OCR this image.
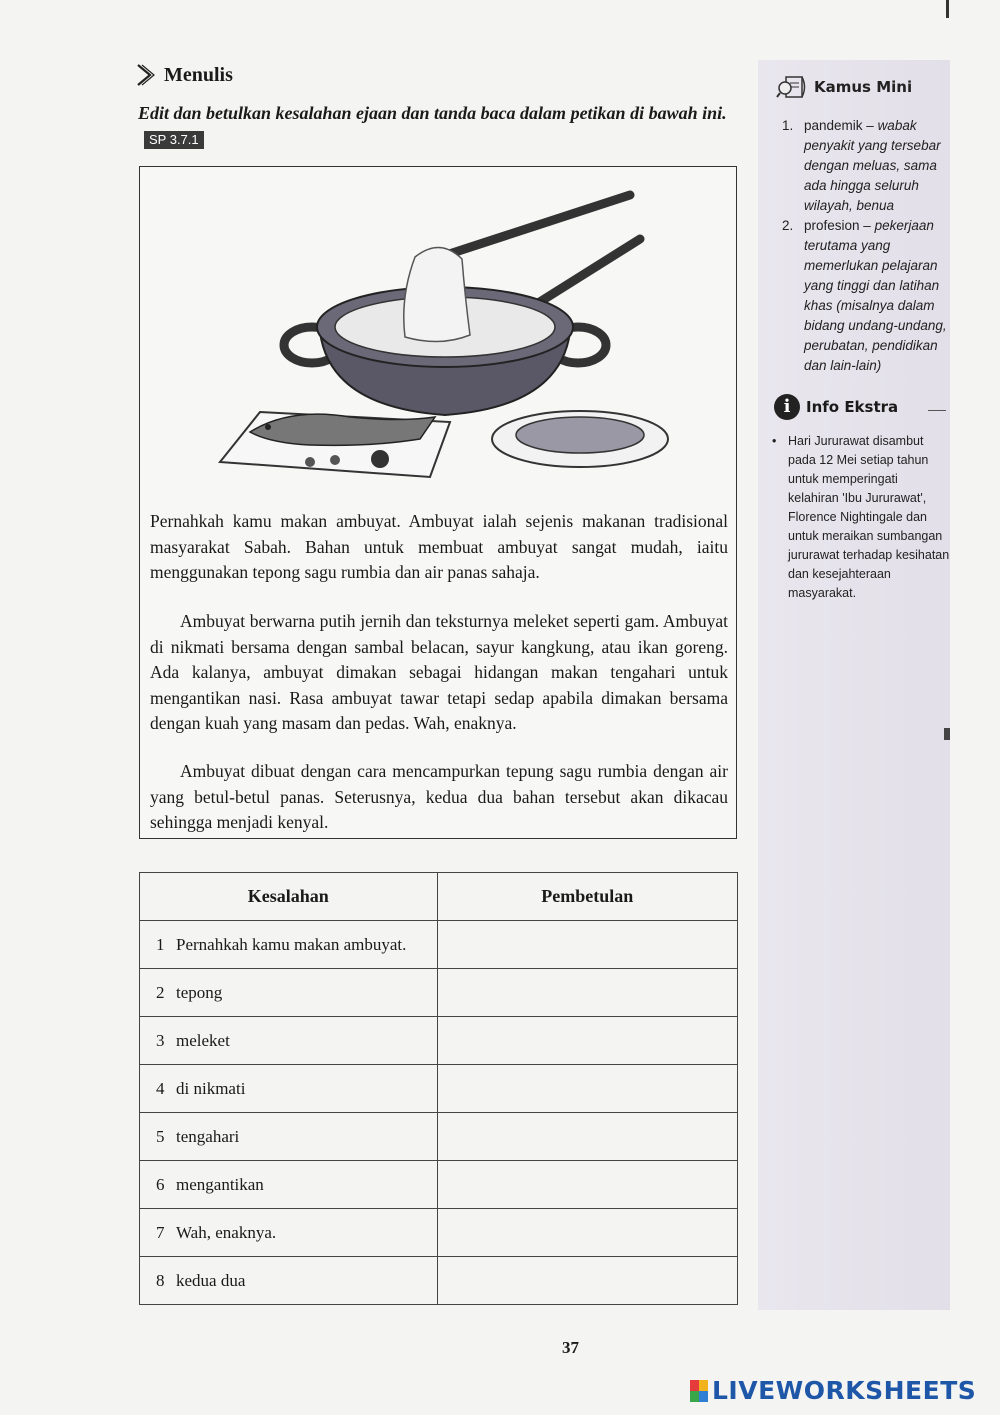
Menulis
Edit dan betulkan kesalahan ejaan dan tanda baca dalam petikan di bawah ini.SP 3.7.1
Pernahkah kamu makan ambuyat. Ambuyat ialah sejenis makanan tradisional masyarakat Sabah. Bahan untuk membuat ambuyat sangat mudah, iaitu menggunakan tepong sagu rumbia dan air panas sahaja.
Ambuyat berwarna putih jernih dan teksturnya meleket seperti gam. Ambuyat di nikmati bersama dengan sambal belacan, sayur kangkung, atau ikan goreng. Ada kalanya, ambuyat dimakan sebagai hidangan makan tengahari untuk mengantikan nasi. Rasa ambuyat tawar tetapi sedap apabila dimakan bersama dengan kuah yang masam dan pedas. Wah, enaknya.
Ambuyat dibuat dengan cara mencampurkan tepung sagu rumbia dengan air yang betul-betul panas. Seterusnya, kedua dua bahan tersebut akan dikacau sehingga menjadi kenyal.
Kesalahan	Pembetulan
1 Pernahkah kamu makan ambuyat.	
2 tepong	
3 meleket	
4 di nikmati	
5 tengahari	
6 mengantikan	
7 Wah, enaknya.	
8 kedua dua	
37
Kamus Mini
1. pandemik – wabak penyakit yang tersebar dengan meluas, sama ada hingga seluruh wilayah, benua
2. profesion – pekerjaan terutama yang memerlukan pelajaran yang tinggi dan latihan khas (misalnya dalam bidang undang-undang, perubatan, pendidikan dan lain-lain)
i	Info Ekstra
• Hari Jururawat disambut pada 12 Mei setiap tahun untuk memperingati kelahiran 'Ibu Jururawat', Florence Nightingale dan untuk meraikan sumbangan jururawat terhadap kesihatan dan kesejahteraan masyarakat.
LIVEWORKSHEETS
